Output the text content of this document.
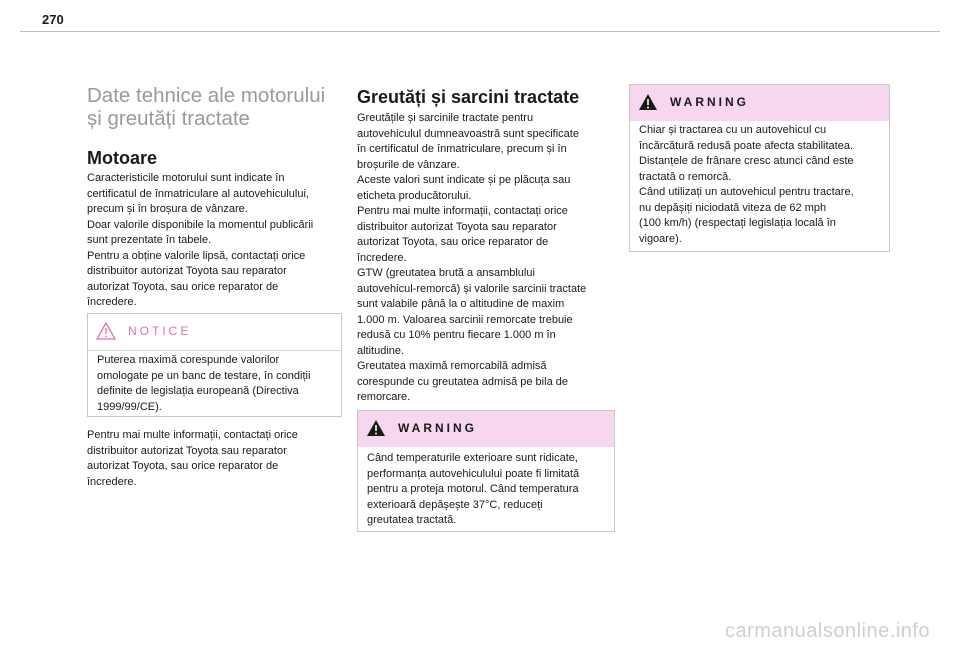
270
Date tehnice ale motorului
și greutăți tractate
Motoare

Caracteristicile motorului sunt indicate în
certificatul de înmatriculare al autovehiculului,
precum și în broșura de vânzare.
Doar valorile disponibile la momentul publicării
sunt prezentate în tabele.
Pentru a obține valorile lipsă, contactați orice
distribuitor autorizat Toyota sau reparator
autorizat Toyota, sau orice reparator de
încredere.

NOTICE
Puterea maximă corespunde valorilor
omologate pe un banc de testare, în condiții
definite de legislația europeană (Directiva
1999/99/CE).

Pentru mai multe informații, contactați orice
distribuitor autorizat Toyota sau reparator
autorizat Toyota, sau orice reparator de
încredere.

Greutăți și sarcini tractate

Greutățile și sarcinile tractate pentru
autovehiculul dumneavoastră sunt specificate
în certificatul de înmatriculare, precum și în
broșurile de vânzare.
Aceste valori sunt indicate și pe plăcuța sau
eticheta producătorului.
Pentru mai multe informații, contactați orice
distribuitor autorizat Toyota sau reparator
autorizat Toyota, sau orice reparator de
încredere.
GTW (greutatea brută a ansamblului
autovehicul-remorcă) și valorile sarcinii tractate
sunt valabile până la o altitudine de maxim
1.000 m. Valoarea sarcinii remorcate trebuie
redusă cu 10% pentru fiecare 1.000 m în
altitudine.
Greutatea maximă remorcabilă admisă
corespunde cu greutatea admisă pe bila de
remorcare.

WARNING
Când temperaturile exterioare sunt ridicate,
performanța autovehiculului poate fi limitată
pentru a proteja motorul. Când temperatura
exterioară depășește 37°C, reduceți
greutatea tractată.
WARNING
Chiar și tractarea cu un autovehicul cu
încărcătură redusă poate afecta stabilitatea.
Distanțele de frânare cresc atunci când este
tractată o remorcă.
Când utilizați un autovehicul pentru tractare,
nu depășiți niciodată viteza de 62 mph
(100 km/h) (respectați legislația locală în
vigoare).
carmanualsonline.info
